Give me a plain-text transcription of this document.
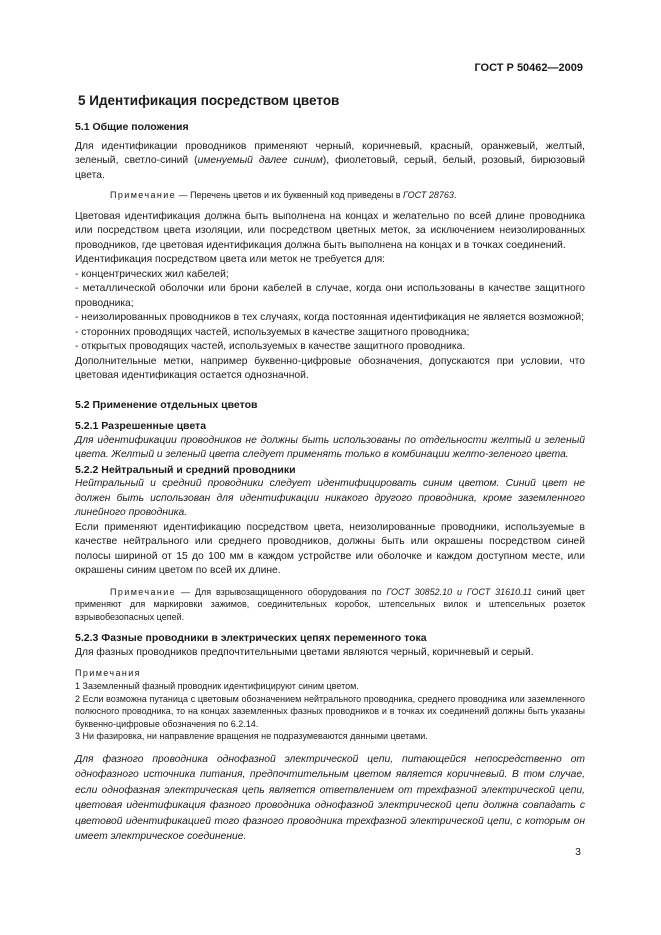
ГОСТ Р 50462—2009
5 Идентификация посредством цветов
5.1 Общие положения

Для идентификации проводников применяют черный, коричневый, красный, оранжевый, желтый, зеленый, светло-синий (именуемый далее синим), фиолетовый, серый, белый, розовый, бирюзовый цвета.

Примечание — Перечень цветов и их буквенный код приведены в ГОСТ 28763.

Цветовая идентификация должна быть выполнена на концах и желательно по всей длине проводника или посредством цвета изоляции, или посредством цветных меток, за исключением неизолированных проводников, где цветовая идентификация должна быть выполнена на концах и в точках соединений.

Идентификация посредством цвета или меток не требуется для:

- концентрических жил кабелей;

- металлической оболочки или брони кабелей в случае, когда они использованы в качестве защитного проводника;

- неизолированных проводников в тех случаях, когда постоянная идентификация не является возможной;

- сторонних проводящих частей, используемых в качестве защитного проводника;

- открытых проводящих частей, используемых в качестве защитного проводника.

Дополнительные метки, например буквенно-цифровые обозначения, допускаются при условии, что цветовая идентификация остается однозначной.

5.2 Применение отдельных цветов
5.2.1 Разрешенные цвета

Для идентификации проводников не должны быть использованы по отдельности желтый и зеленый цвета. Желтый и зеленый цвета следует применять только в комбинации желто-зеленого цвета.

5.2.2 Нейтральный и средний проводники

Нейтральный и средний проводники следует идентифицировать синим цветом. Синий цвет не должен быть использован для идентификации никакого другого проводника, кроме заземленного линейного проводника.

Если применяют идентификацию посредством цвета, неизолированные проводники, используемые в качестве нейтрального или среднего проводников, должны быть или окрашены посредством синей полосы шириной от 15 до 100 мм в каждом устройстве или оболочке и каждом доступном месте, или окрашены синим цветом по всей их длине.

Примечание — Для взрывозащищенного оборудования по ГОСТ 30852.10 и ГОСТ 31610.11 синий цвет применяют для маркировки зажимов, соединительных коробок, штепсельных вилок и штепсельных розеток взрывобезопасных цепей.

5.2.3 Фазные проводники в электрических цепях переменного тока

Для фазных проводников предпочтительными цветами являются черный, коричневый и серый.

Примечания

1 Заземленный фазный проводник идентифицируют синим цветом.

2 Если возможна путаница с цветовым обозначением нейтрального проводника, среднего проводника или заземленного полюсного проводника, то на концах заземленных фазных проводников и в точках их соединений должны быть указаны буквенно-цифровые обозначения по 6.2.14.

3 Ни фазировка, ни направление вращения не подразумеваются данными цветами.

Для фазного проводника однофазной электрической цепи, питающейся непосредственно от однофазного источника питания, предпочтительным цветом является коричневый. В том случае, если однофазная электрическая цепь является ответвлением от трехфазной электрической цепи, цветовая идентификация фазного проводника однофазной электрической цепи должна совпадать с цветовой идентификацией того фазного проводника трехфазной электрической цепи, с которым он имеет электрическое соединение.

3
